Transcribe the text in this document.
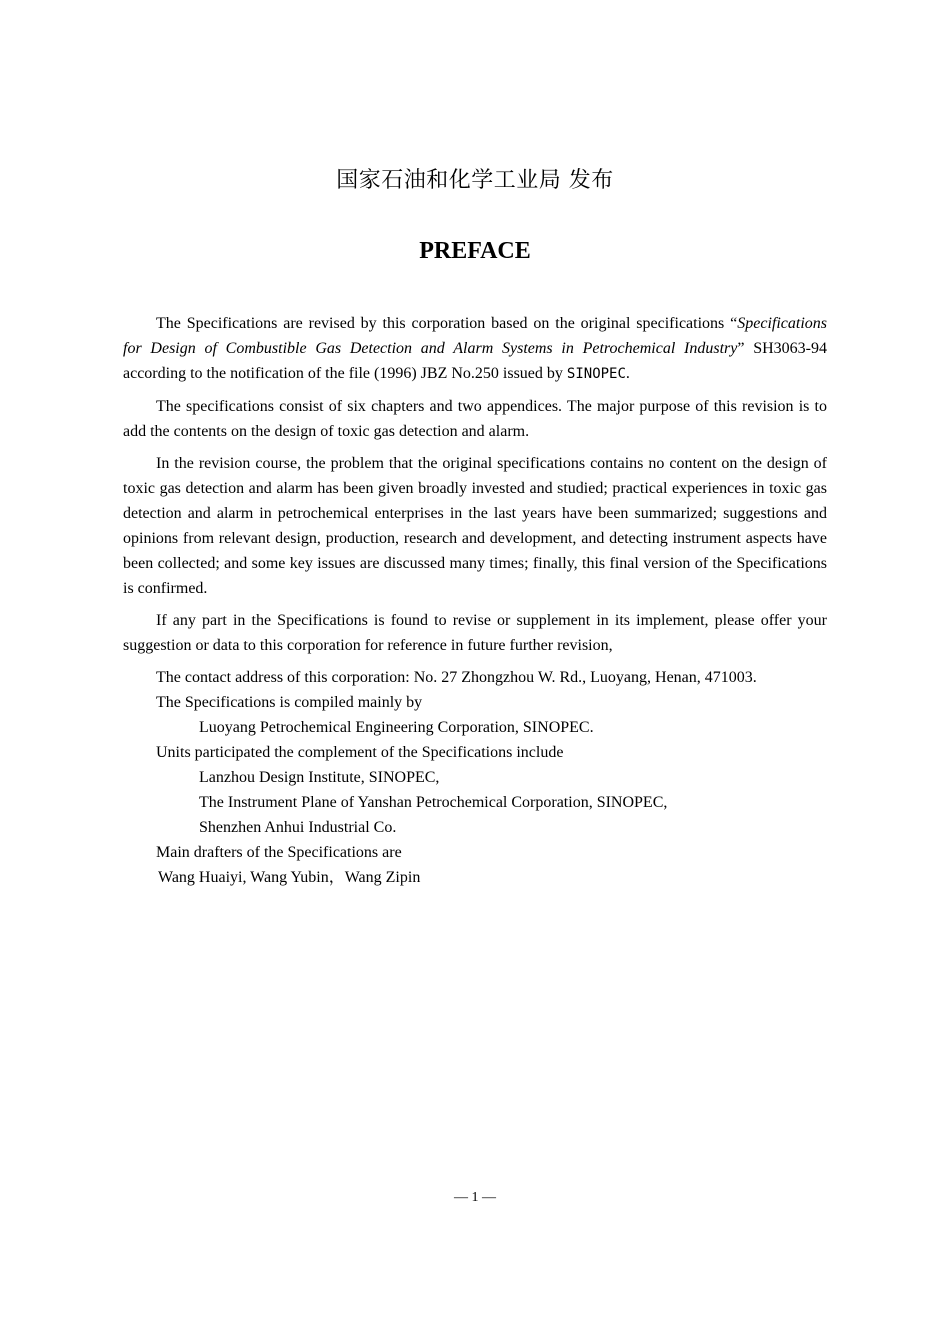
国家石油和化学工业局 发布
PREFACE

The Specifications are revised by this corporation based on the original specifications “Specifications for Design of Combustible Gas Detection and Alarm Systems in Petrochemical Industry” SH3063-94 according to the notification of the file (1996) JBZ No.250 issued by SINOPEC.

The specifications consist of six chapters and two appendices. The major purpose of this revision is to add the contents on the design of toxic gas detection and alarm.

In the revision course, the problem that the original specifications contains no content on the design of toxic gas detection and alarm has been given broadly invested and studied; practical experiences in toxic gas detection and alarm in petrochemical enterprises in the last years have been summarized; suggestions and opinions from relevant design, production, research and development, and detecting instrument aspects have been collected; and some key issues are discussed many times; finally, this final version of the Specifications is confirmed.

If any part in the Specifications is found to revise or supplement in its implement, please offer your suggestion or data to this corporation for reference in future further revision,

The contact address of this corporation: No. 27 Zhongzhou W. Rd., Luoyang, Henan, 471003.
The Specifications is compiled mainly by
Luoyang Petrochemical Engineering Corporation, SINOPEC.
Units participated the complement of the Specifications include
Lanzhou Design Institute, SINOPEC,
The Instrument Plane of Yanshan Petrochemical Corporation, SINOPEC,
Shenzhen Anhui Industrial Co.
Main drafters of the Specifications are
Wang Huaiyi, Wang Yubin，Wang Zipin
— 1 —
